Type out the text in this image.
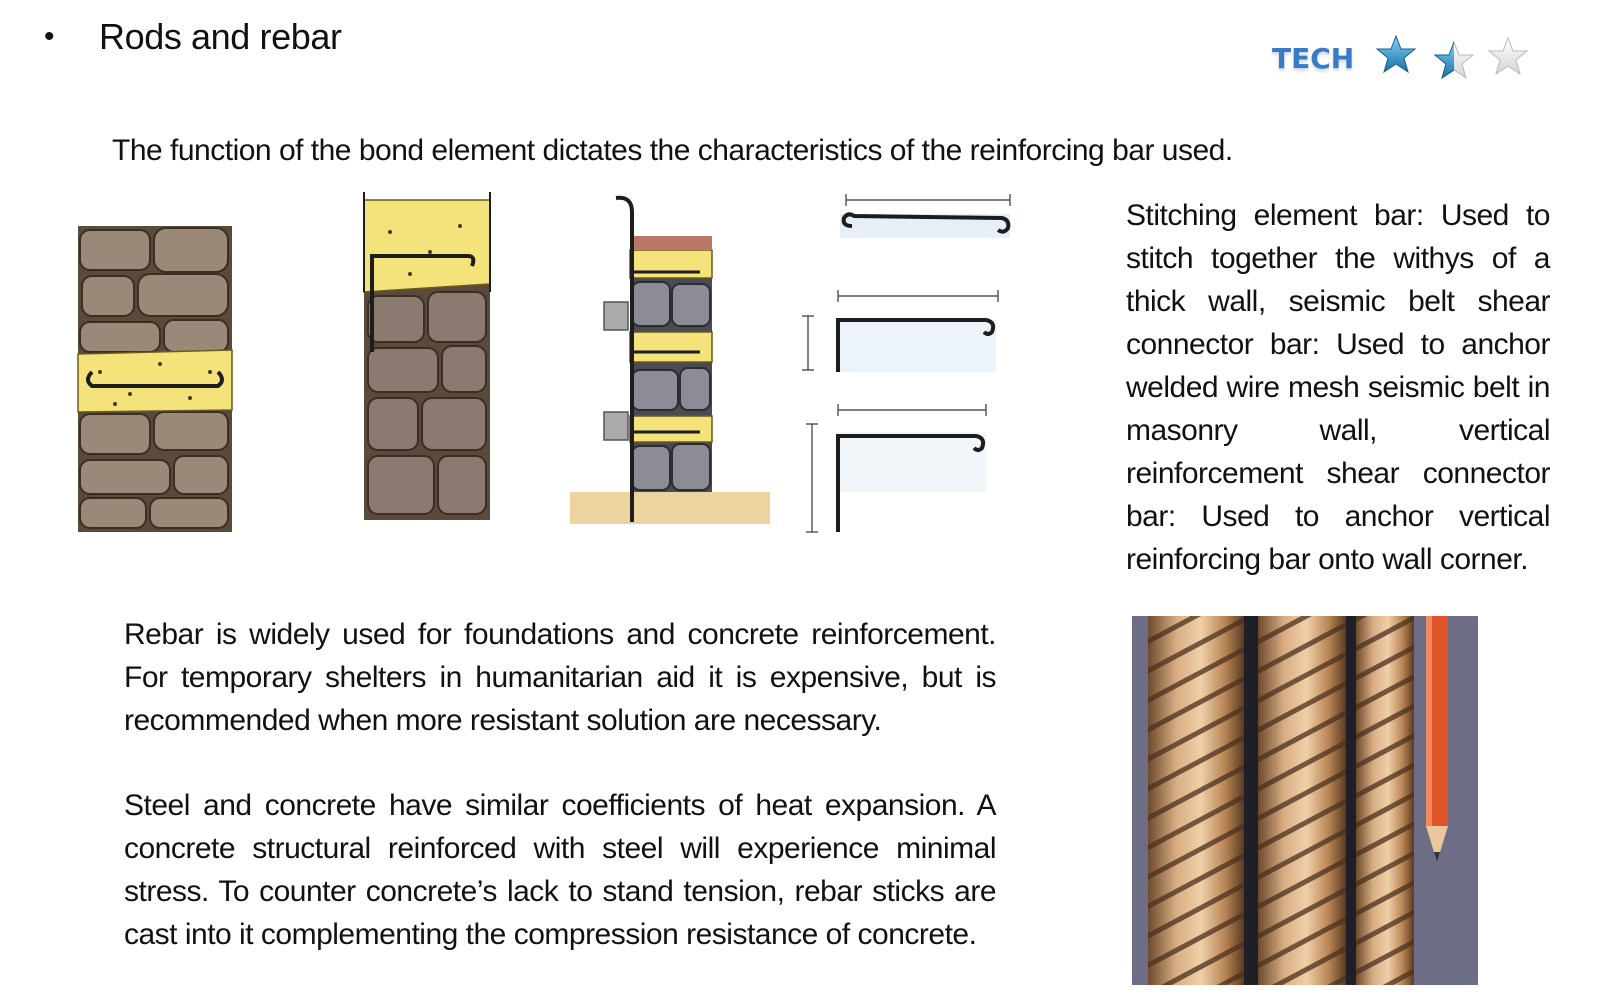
•	Rods and rebar
TECH
The function of the bond element dictates the characteristics of the reinforcing bar used.
Stitching element bar: Used to stitch together the withys of a thick wall, seismic belt shear connector bar: Used to anchor welded wire mesh seismic belt in masonry wall, vertical reinforcement shear connector bar: Used to anchor vertical reinforcing bar onto wall corner.
Rebar is widely used for foundations and concrete reinforcement. For temporary shelters in humanitarian aid it is expensive, but is recommended when more resistant solution are necessary.
Steel and concrete have similar coefficients of heat expansion. A concrete structural reinforced with steel will experience minimal stress. To counter concrete’s lack to stand tension, rebar sticks are cast into it complementing the compression resistance of concrete.
